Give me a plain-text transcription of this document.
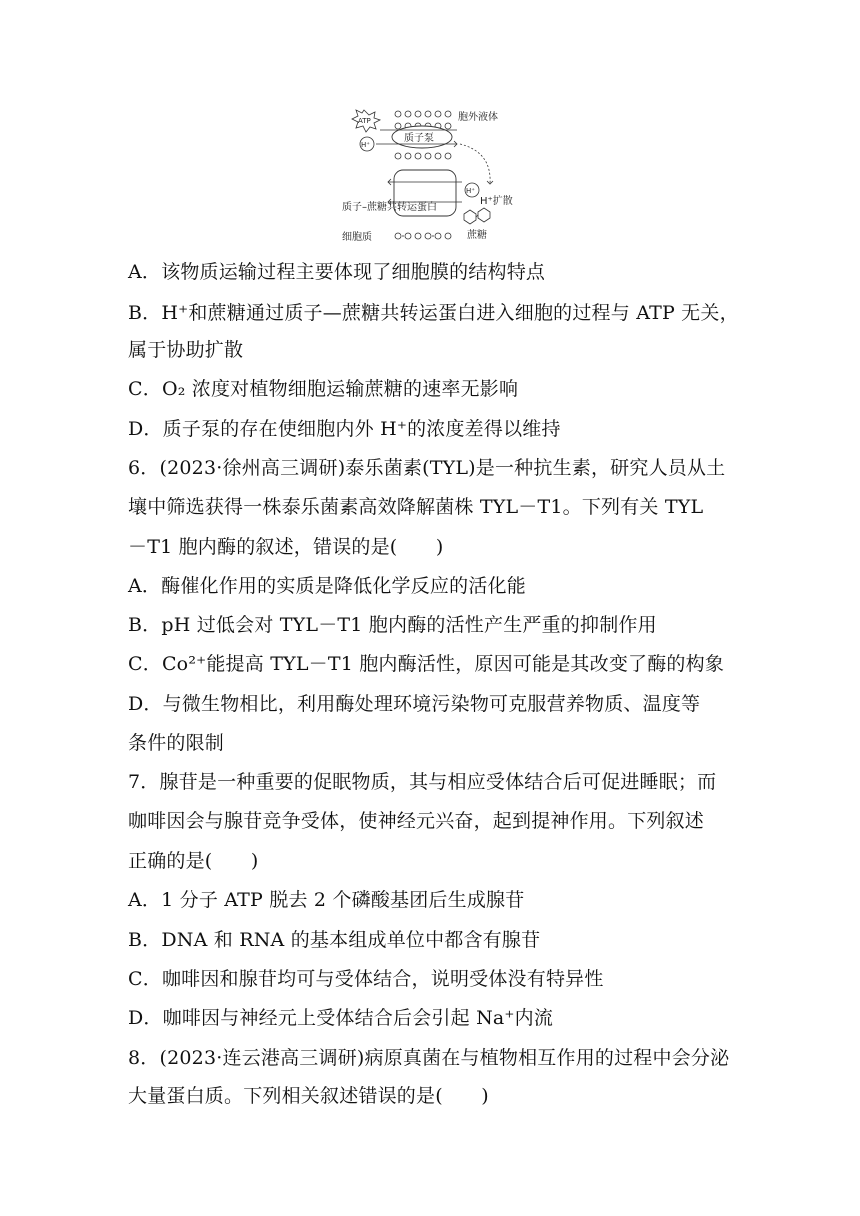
ATP
质子泵
H⁺
H⁺
H⁺扩散
质子–蔗糖共转运蛋白
蔗糖
细胞质
胞外液体
A．该物质运输过程主要体现了细胞膜的结构特点
B．H⁺和蔗糖通过质子—蔗糖共转运蛋白进入细胞的过程与 ATP 无关，
属于协助扩散
C．O₂ 浓度对植物细胞运输蔗糖的速率无影响
D．质子泵的存在使细胞内外 H⁺的浓度差得以维持
6．(2023·徐州高三调研)泰乐菌素(TYL)是一种抗生素，研究人员从土
壤中筛选获得一株泰乐菌素高效降解菌株 TYL－T1。下列有关 TYL
－T1 胞内酶的叙述，错误的是(　　)
A．酶催化作用的实质是降低化学反应的活化能
B．pH 过低会对 TYL－T1 胞内酶的活性产生严重的抑制作用
C．Co²⁺能提高 TYL－T1 胞内酶活性，原因可能是其改变了酶的构象
D．与微生物相比，利用酶处理环境污染物可克服营养物质、温度等
条件的限制
7．腺苷是一种重要的促眠物质，其与相应受体结合后可促进睡眠；而
咖啡因会与腺苷竞争受体，使神经元兴奋，起到提神作用。下列叙述
正确的是(　　)
A．1 分子 ATP 脱去 2 个磷酸基团后生成腺苷
B．DNA 和 RNA 的基本组成单位中都含有腺苷
C．咖啡因和腺苷均可与受体结合，说明受体没有特异性
D．咖啡因与神经元上受体结合后会引起 Na⁺内流
8．(2023·连云港高三调研)病原真菌在与植物相互作用的过程中会分泌
大量蛋白质。下列相关叙述错误的是(　　)
